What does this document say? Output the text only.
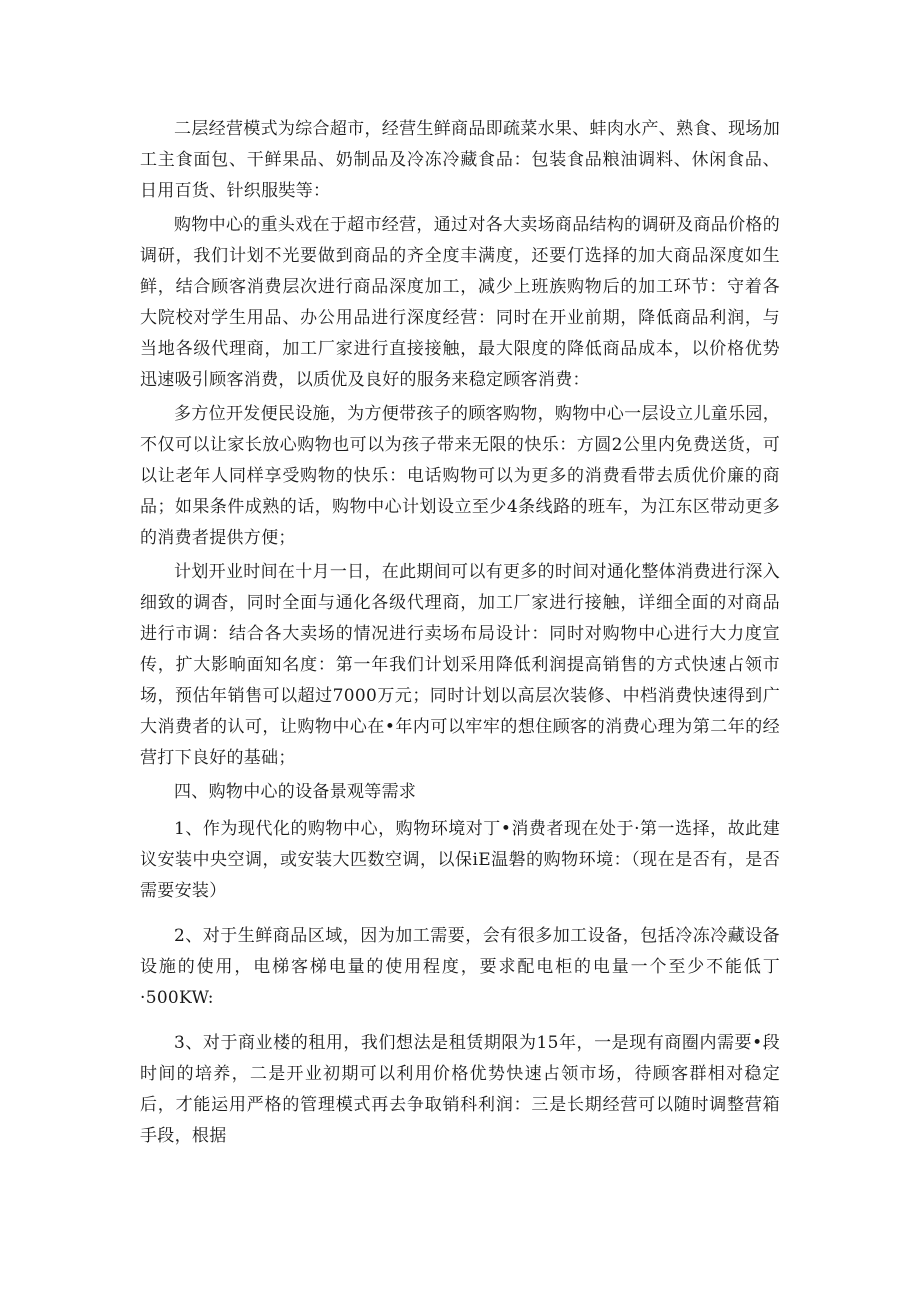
二层经营模式为综合超市，经营生鲜商品即疏菜水果、蚌肉水产、熟食、现场加工主食面包、干鲜果品、奶制品及冷冻冷藏食品：包装食品粮油调料、休闲食品、日用百货、针织服奘等：

购物中心的重头戏在于超市经营，通过对各大卖场商品结构的调研及商品价格的调研，我们计划不光要做到商品的齐全度丰满度，还要仃选择的加大商品深度如生鲜，结合顾客消费层次进行商品深度加工，减少上班族购物后的加工环节：守着各大院校对学生用品、办公用品进行深度经营：同时在开业前期，降低商品利润，与当地各级代理商，加工厂家进行直接接触，最大限度的降低商品成本，以价格优势迅速吸引顾客消费，以质优及良好的服务来稳定顾客消费：

多方位开发便民设施，为方便带孩子的顾客购物，购物中心一层设立儿童乐园，不仅可以让家长放心购物也可以为孩子带来无限的快乐：方圆2公里内免费送货，可以让老年人同样享受购物的快乐：电话购物可以为更多的消费看带去质优价廉的商品；如果条件成熟的话，购物中心计划设立至少4条线路的班车，为江东区带动更多的消费者提供方便；

计划开业时间在十月一日，在此期间可以有更多的时间对通化整体消费进行深入细致的调杳，同时全面与通化各级代理商，加工厂家进行接触，详细全面的对商品进行市调：结合各大卖场的情况进行卖场布局设计：同时对购物中心进行大力度宣传，扩大影晌面知名度：第一年我们计划采用降低利润提高销售的方式快速占领市场，预估年销售可以超过7000万元；同时计划以高层次装修、中档消费快速得到广大消费者的认可，让购物中心在•年内可以牢牢的想住顾客的消费心理为第二年的经营打下良好的基础；

四、购物中心的设备景观等需求

1、作为现代化的购物中心，购物环境对丁•消费者现在处于·第一选择，故此建议安装中央空调，或安装大匹数空调，以保iE温磐的购物环境：（现在是否有，是否需要安装）

2、对于生鲜商品区域，因为加工需要，会有很多加工设备，包括冷冻冷藏设备设施的使用，电梯客梯电量的使用程度，要求配电柜的电量一个至少不能低丁·500KW:

3、对于商业楼的租用，我们想法是租赁期限为15年，一是现有商圈内需要•段时间的培养，二是开业初期可以利用价格优势快速占领市场，待顾客群相对稳定后，才能运用严格的管理模式再去争取销科利润：三是长期经营可以随时调整营箱手段，根据
